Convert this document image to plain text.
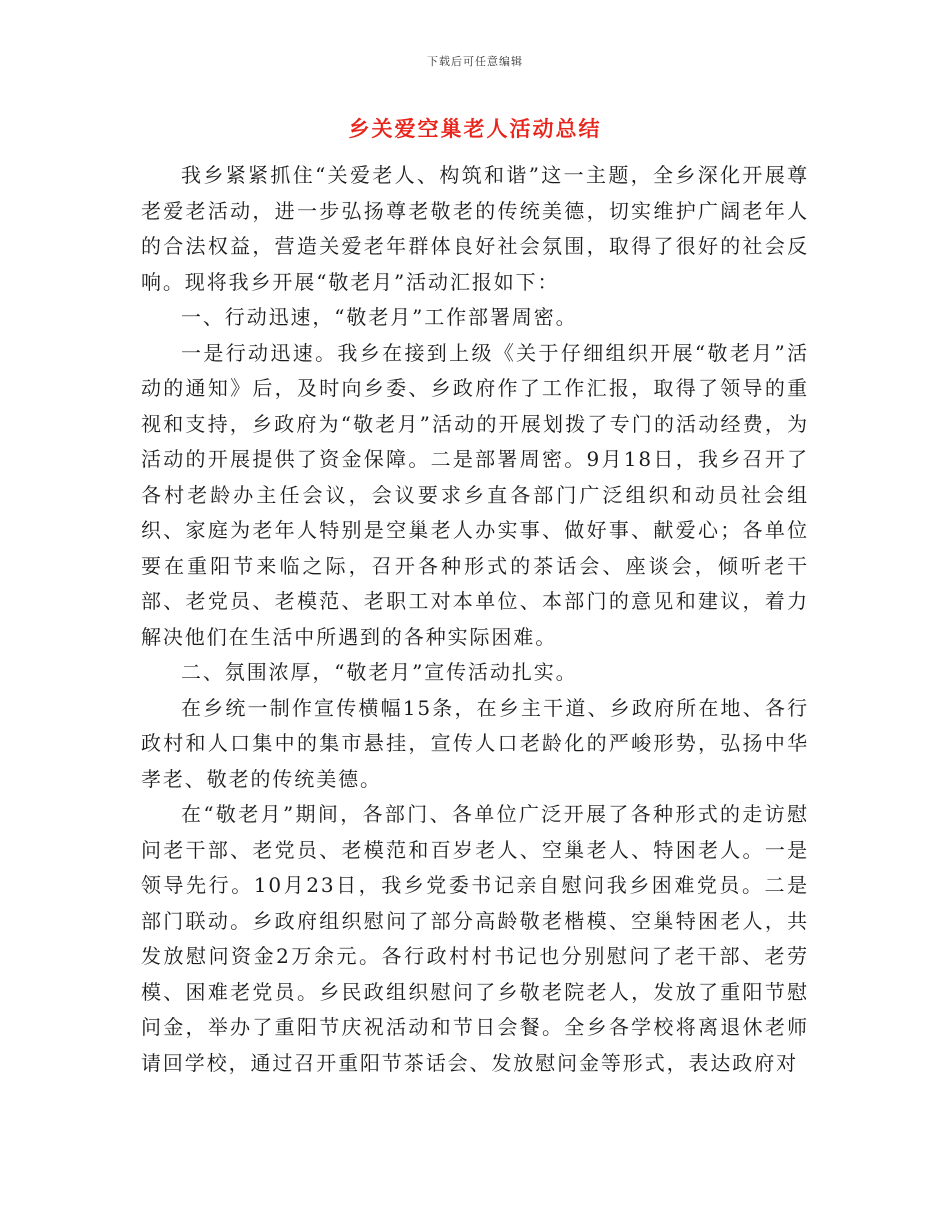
下载后可任意编辑
乡关爱空巢老人活动总结

我乡紧紧抓住“关爱老人、构筑和谐”这一主题，全乡深化开展尊老爱老活动，进一步弘扬尊老敬老的传统美德，切实维护广阔老年人的合法权益，营造关爱老年群体良好社会氛围，取得了很好的社会反响。现将我乡开展“敬老月”活动汇报如下：

一、行动迅速，“敬老月”工作部署周密。

一是行动迅速。我乡在接到上级《关于仔细组织开展“敬老月”活动的通知》后，及时向乡委、乡政府作了工作汇报，取得了领导的重视和支持，乡政府为“敬老月”活动的开展划拨了专门的活动经费，为活动的开展提供了资金保障。二是部署周密。9月18日，我乡召开了各村老龄办主任会议，会议要求乡直各部门广泛组织和动员社会组织、家庭为老年人特别是空巢老人办实事、做好事、献爱心；各单位要在重阳节来临之际，召开各种形式的茶话会、座谈会，倾听老干部、老党员、老模范、老职工对本单位、本部门的意见和建议，着力解决他们在生活中所遇到的各种实际困难。

二、氛围浓厚，“敬老月”宣传活动扎实。

在乡统一制作宣传横幅15条，在乡主干道、乡政府所在地、各行政村和人口集中的集市悬挂，宣传人口老龄化的严峻形势，弘扬中华孝老、敬老的传统美德。

在“敬老月”期间，各部门、各单位广泛开展了各种形式的走访慰问老干部、老党员、老模范和百岁老人、空巢老人、特困老人。一是领导先行。10月23日，我乡党委书记亲自慰问我乡困难党员。二是部门联动。乡政府组织慰问了部分高龄敬老楷模、空巢特困老人，共发放慰问资金2万余元。各行政村村书记也分别慰问了老干部、老劳模、困难老党员。乡民政组织慰问了乡敬老院老人，发放了重阳节慰问金，举办了重阳节庆祝活动和节日会餐。全乡各学校将离退休老师请回学校，通过召开重阳节茶话会、发放慰问金等形式，表达政府对
